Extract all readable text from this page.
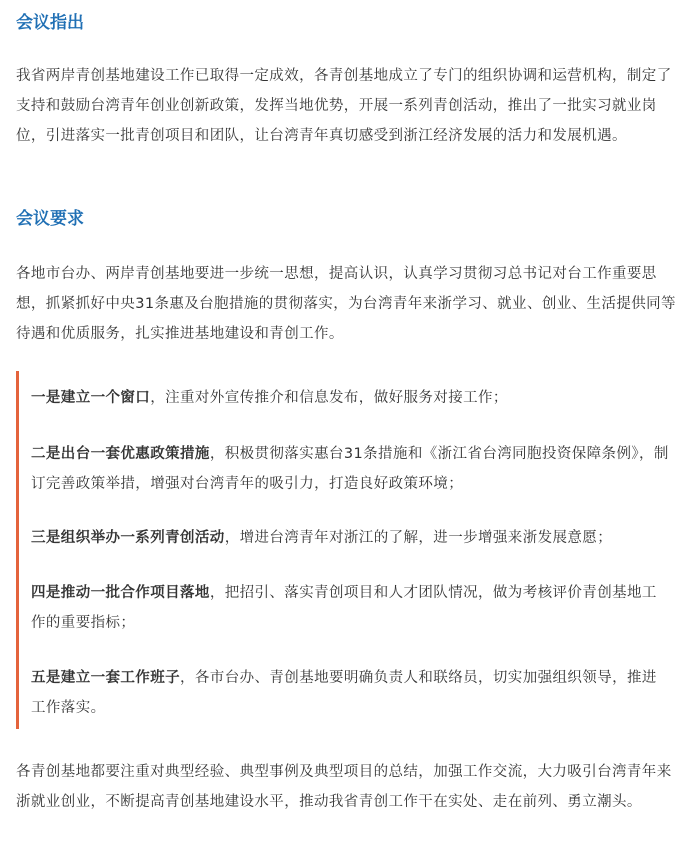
会议指出

我省两岸青创基地建设工作已取得一定成效，各青创基地成立了专门的组织协调和运营机构，制定了支持和鼓励台湾青年创业创新政策，发挥当地优势，开展一系列青创活动，推出了一批实习就业岗位，引进落实一批青创项目和团队，让台湾青年真切感受到浙江经济发展的活力和发展机遇。

会议要求

各地市台办、两岸青创基地要进一步统一思想，提高认识，认真学习贯彻习总书记对台工作重要思想，抓紧抓好中央31条惠及台胞措施的贯彻落实，为台湾青年来浙学习、就业、创业、生活提供同等待遇和优质服务，扎实推进基地建设和青创工作。

一是建立一个窗口，注重对外宣传推介和信息发布，做好服务对接工作；

二是出台一套优惠政策措施，积极贯彻落实惠台31条措施和《浙江省台湾同胞投资保障条例》，制订完善政策举措，增强对台湾青年的吸引力，打造良好政策环境；

三是组织举办一系列青创活动，增进台湾青年对浙江的了解，进一步增强来浙发展意愿；

四是推动一批合作项目落地，把招引、落实青创项目和人才团队情况，做为考核评价青创基地工作的重要指标；

五是建立一套工作班子，各市台办、青创基地要明确负责人和联络员，切实加强组织领导，推进工作落实。

各青创基地都要注重对典型经验、典型事例及典型项目的总结，加强工作交流，大力吸引台湾青年来浙就业创业，不断提高青创基地建设水平，推动我省青创工作干在实处、走在前列、勇立潮头。
